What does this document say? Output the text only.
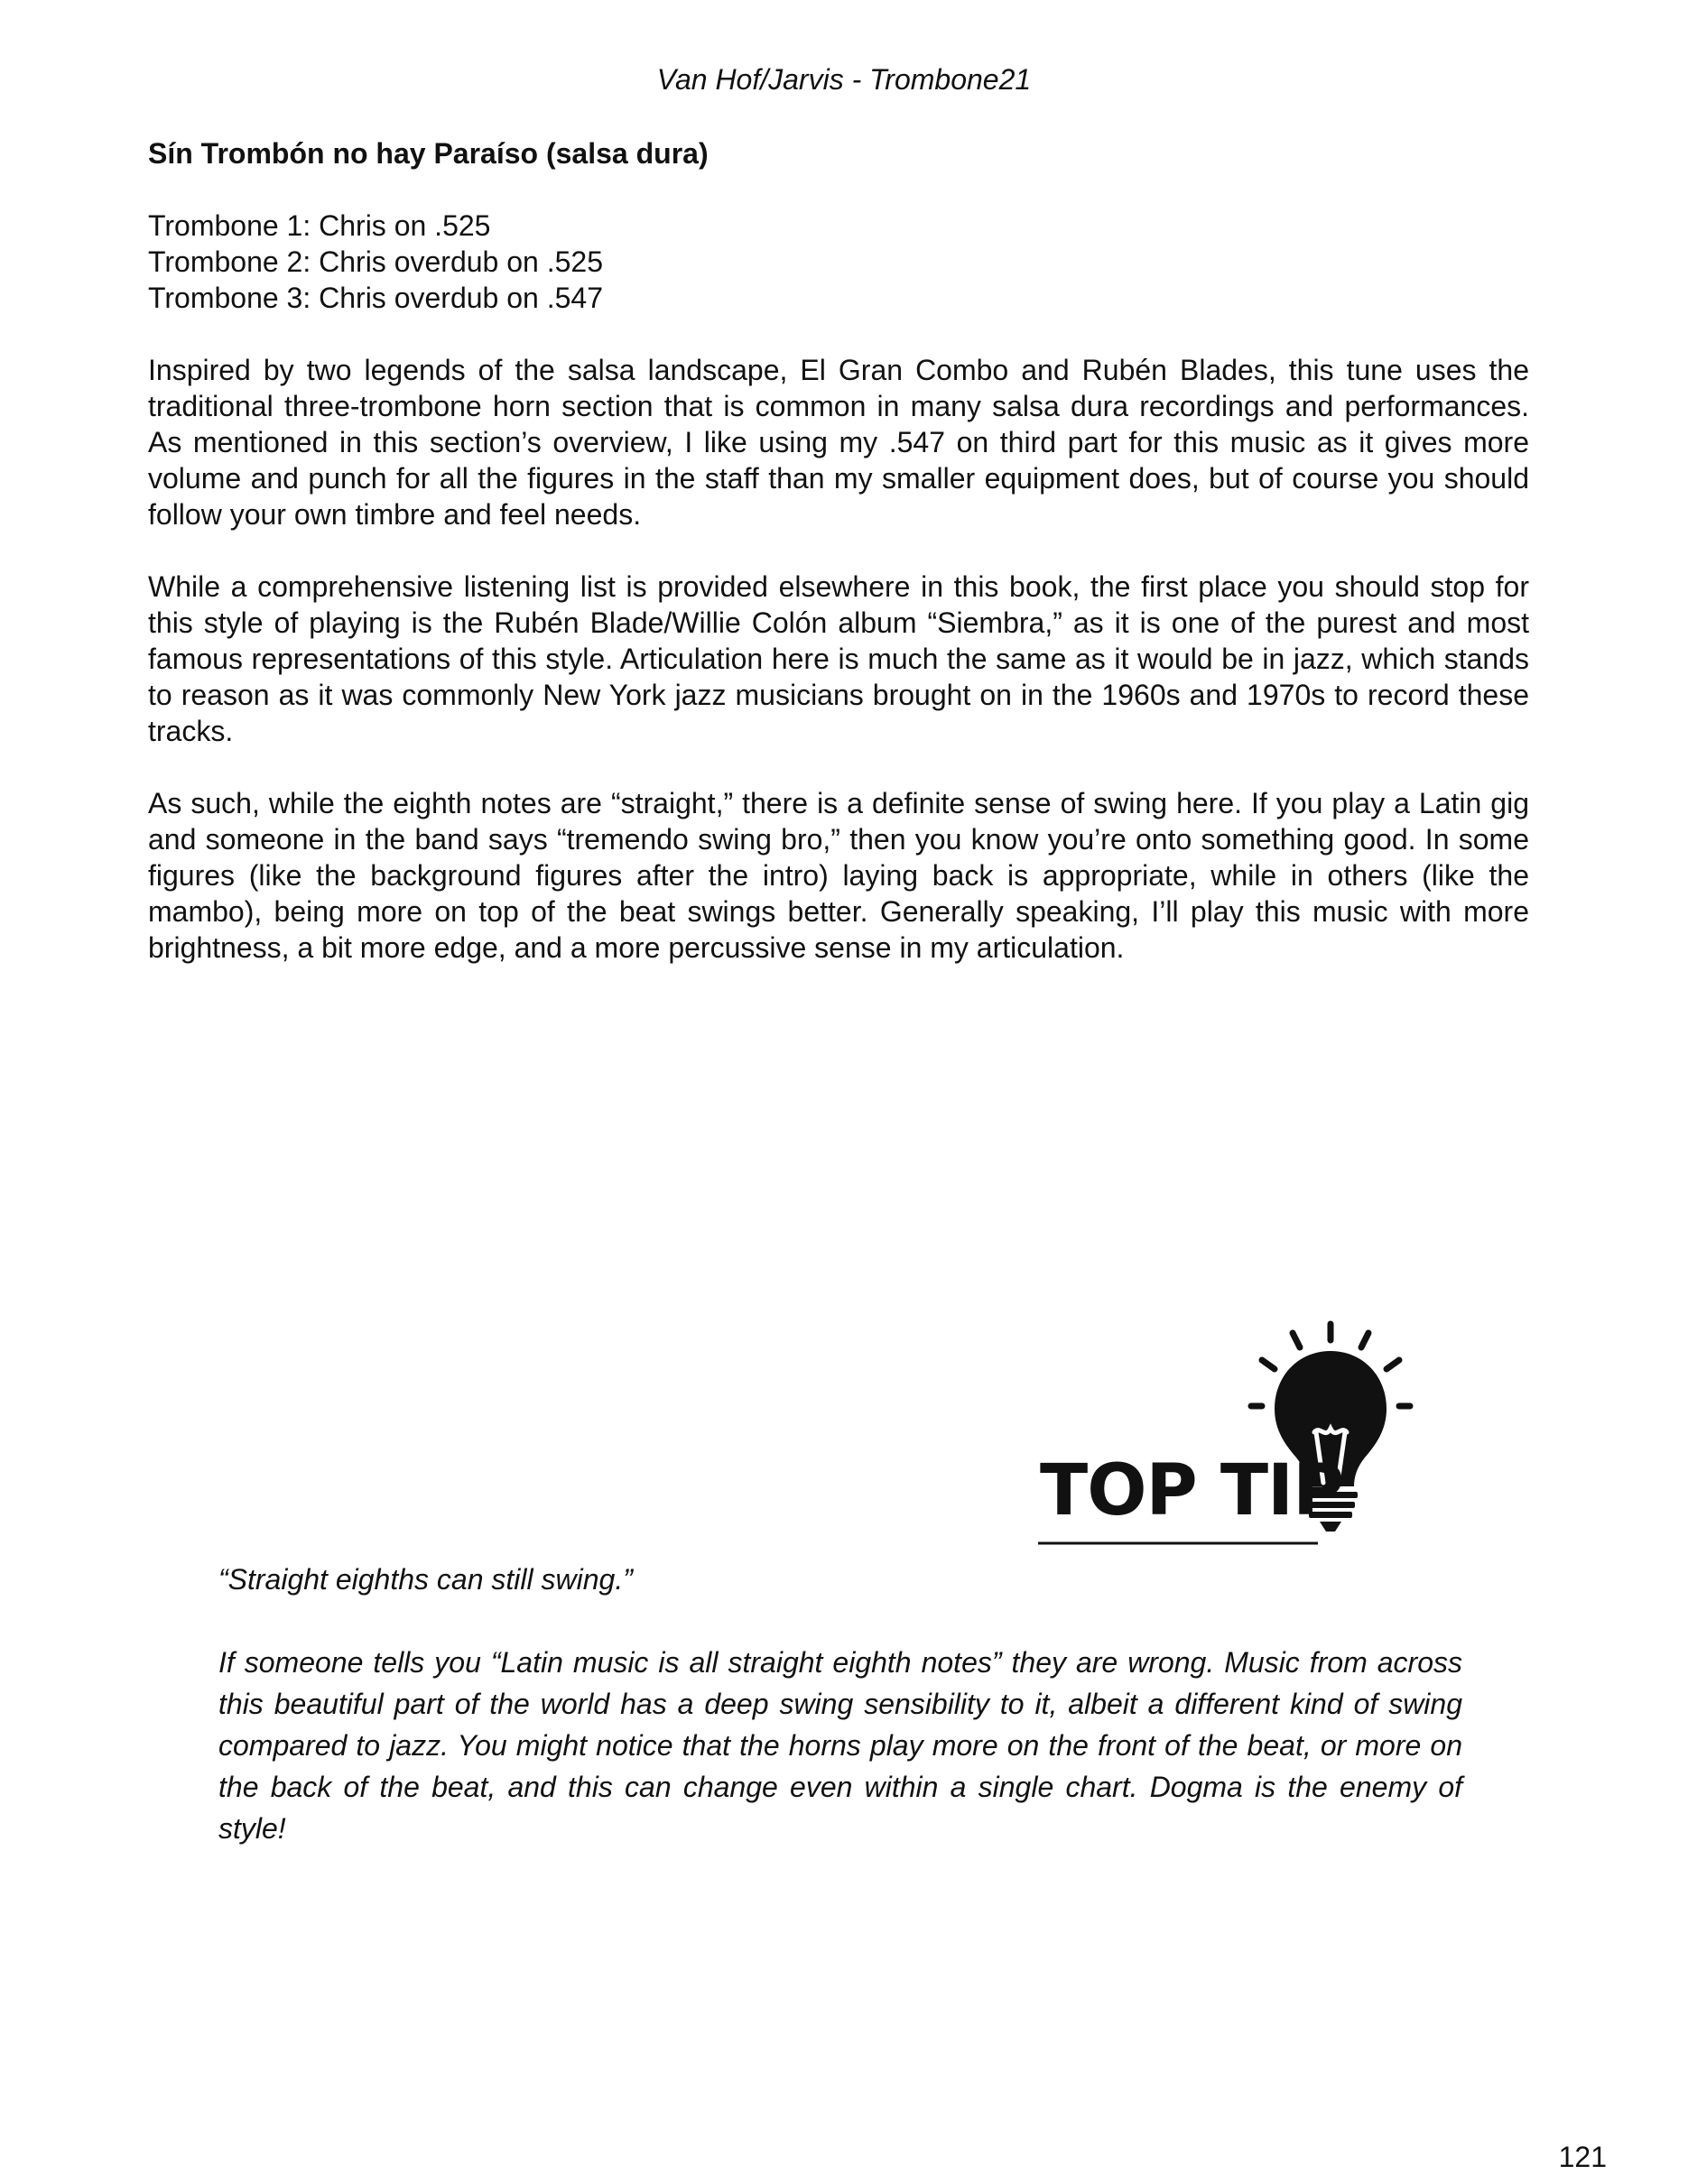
Van Hof/Jarvis - Trombone21
Sín Trombón no hay Paraíso (salsa dura)
Trombone 1: Chris on .525
Trombone 2: Chris overdub on .525
Trombone 3: Chris overdub on .547

Inspired by two legends of the salsa landscape, El Gran Combo and Rubén Blades, this tune uses the traditional three-trombone horn section that is common in many salsa dura recordings and performances. As mentioned in this section’s overview, I like using my .547 on third part for this music as it gives more volume and punch for all the figures in the staff than my smaller equipment does, but of course you should follow your own timbre and feel needs.

While a comprehensive listening list is provided elsewhere in this book, the first place you should stop for this style of playing is the Rubén Blade/Willie Colón album “Siembra,” as it is one of the purest and most famous representations of this style. Articulation here is much the same as it would be in jazz, which stands to reason as it was commonly New York jazz musicians brought on in the 1960s and 1970s to record these tracks.

As such, while the eighth notes are “straight,” there is a definite sense of swing here. If you play a Latin gig and someone in the band says “tremendo swing bro,” then you know you’re onto something good. In some figures (like the background figures after the intro) laying back is appropriate, while in others (like the mambo), being more on top of the beat swings better. Generally speaking, I’ll play this music with more brightness, a bit more edge, and a more percussive sense in my articulation.

TOP TIP

“Straight eighths can still swing.”

If someone tells you “Latin music is all straight eighth notes” they are wrong. Music from across this beautiful part of the world has a deep swing sensibility to it, albeit a different kind of swing compared to jazz. You might notice that the horns play more on the front of the beat, or more on the back of the beat, and this can change even within a single chart. Dogma is the enemy of style!

121
